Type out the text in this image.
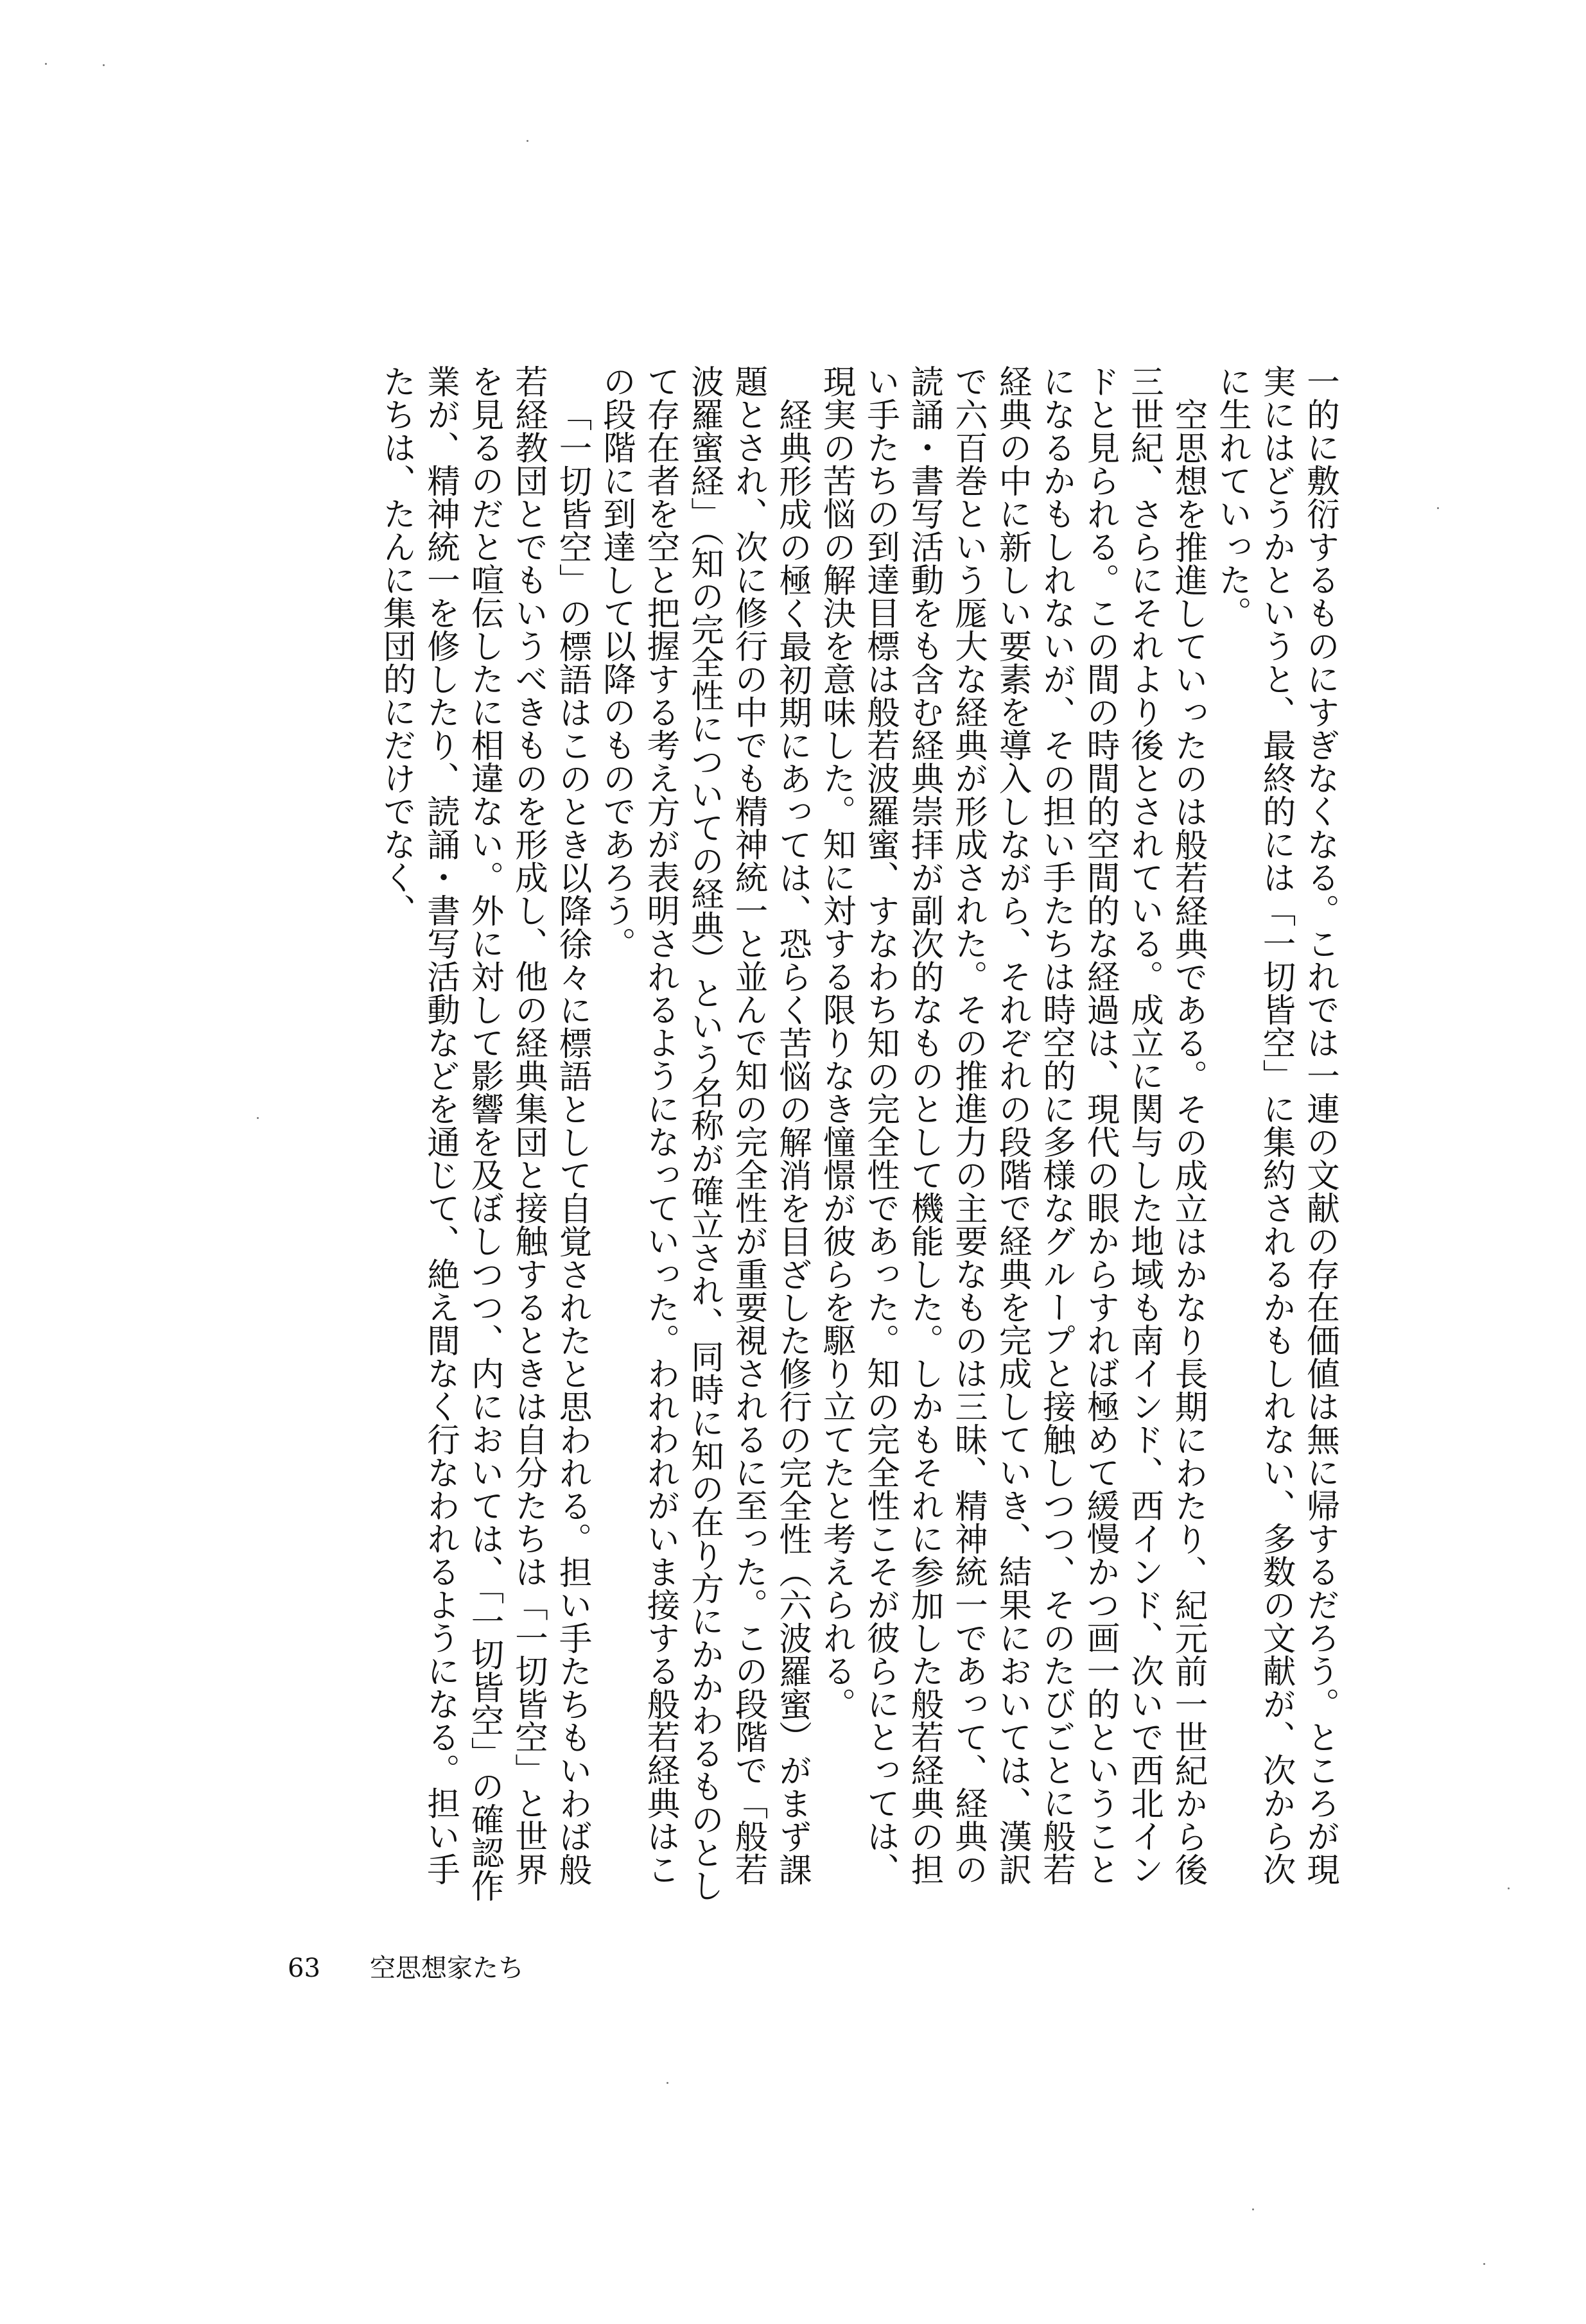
一的に敷衍するものにすぎなくなる。これでは一連の文献の存在価値は無に帰するだろう。ところが現実にはどうかというと、最終的には「一切皆空」に集約されるかもしれない、多数の文献が、次から次に生れていった。

空思想を推進していったのは般若経典である。その成立はかなり長期にわたり、紀元前一世紀から後三世紀、さらにそれより後とされている。成立に関与した地域も南インド、西インド、次いで西北インドと見られる。この間の時間的空間的な経過は、現代の眼からすれば極めて緩慢かつ画一的ということになるかもしれないが、その担い手たちは時空的に多様なグループと接触しつつ、そのたびごとに般若経典の中に新しい要素を導入しながら、それぞれの段階で経典を完成していき、結果においては、漢訳で六百巻という厖大な経典が形成された。その推進力の主要なものは三昧、精神統一であって、経典の読誦・書写活動をも含む経典崇拝が副次的なものとして機能した。しかもそれに参加した般若経典の担い手たちの到達目標は般若波羅蜜、すなわち知の完全性であった。知の完全性こそが彼らにとっては、現実の苦悩の解決を意味した。知に対する限りなき憧憬が彼らを駆り立てたと考えられる。

経典形成の極く最初期にあっては、恐らく苦悩の解消を目ざした修行の完全性（六波羅蜜）がまず課題とされ、次に修行の中でも精神統一と並んで知の完全性が重要視されるに至った。この段階で「般若波羅蜜経」（知の完全性についての経典）という名称が確立され、同時に知の在り方にかかわるものとして存在者を空と把握する考え方が表明されるようになっていった。われわれがいま接する般若経典はこの段階に到達して以降のものであろう。

「一切皆空」の標語はこのとき以降徐々に標語として自覚されたと思われる。担い手たちもいわば般若経教団とでもいうべきものを形成し、他の経典集団と接触するときは自分たちは「一切皆空」と世界を見るのだと喧伝したに相違ない。外に対して影響を及ぼしつつ、内においては、「一切皆空」の確認作業が、精神統一を修したり、読誦・書写活動などを通じて、絶え間なく行なわれるようになる。担い手たちは、たんに集団的にだけでなく、

63 空思想家たち
